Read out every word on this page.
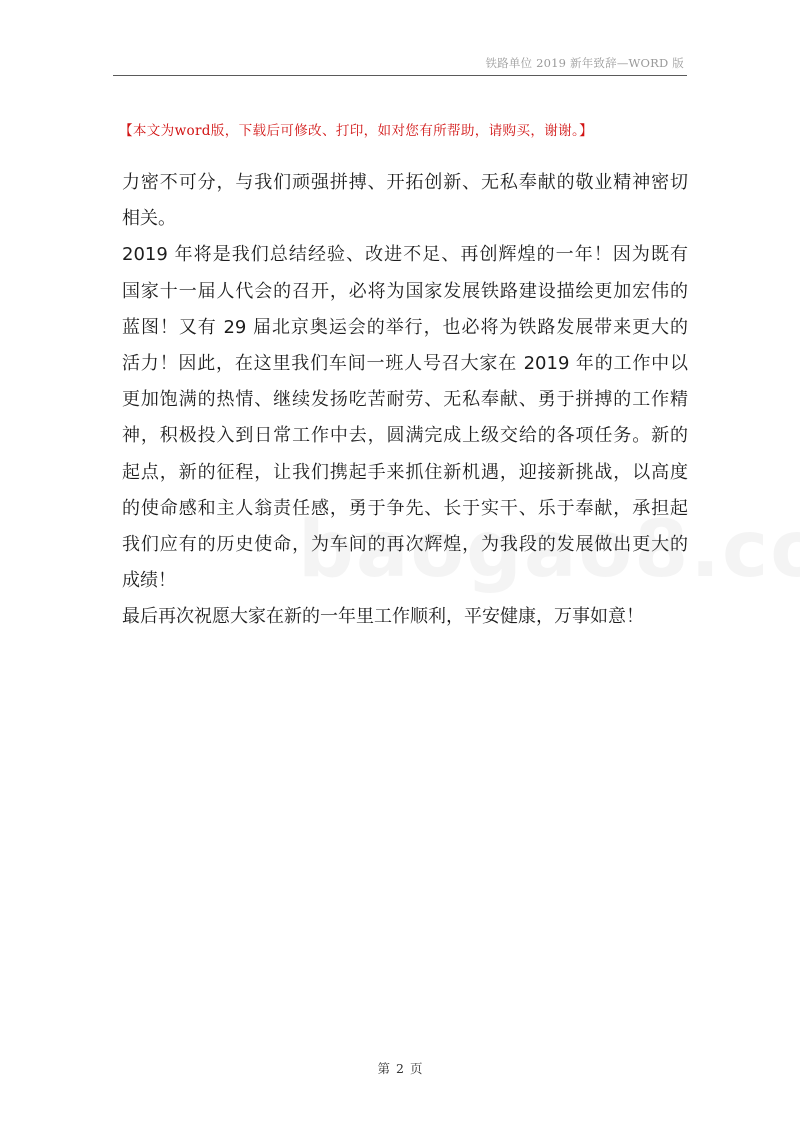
铁路单位 2019 新年致辞—WORD 版
【本文为word版，下载后可修改、打印，如对您有所帮助，请购买，谢谢。】
力密不可分，与我们顽强拼搏、开拓创新、无私奉献的敬业精神密切
相关。
2019 年将是我们总结经验、改进不足、再创辉煌的一年！因为既有
国家十一届人代会的召开，必将为国家发展铁路建设描绘更加宏伟的
蓝图！又有 29 届北京奥运会的举行，也必将为铁路发展带来更大的
活力！因此，在这里我们车间一班人号召大家在 2019 年的工作中以
更加饱满的热情、继续发扬吃苦耐劳、无私奉献、勇于拼搏的工作精
神，积极投入到日常工作中去，圆满完成上级交给的各项任务。新的
起点，新的征程，让我们携起手来抓住新机遇，迎接新挑战，以高度
的使命感和主人翁责任感，勇于争先、长于实干、乐于奉献，承担起
我们应有的历史使命，为车间的再次辉煌，为我段的发展做出更大的
成绩！
最后再次祝愿大家在新的一年里工作顺利，平安健康，万事如意！
第 2 页
